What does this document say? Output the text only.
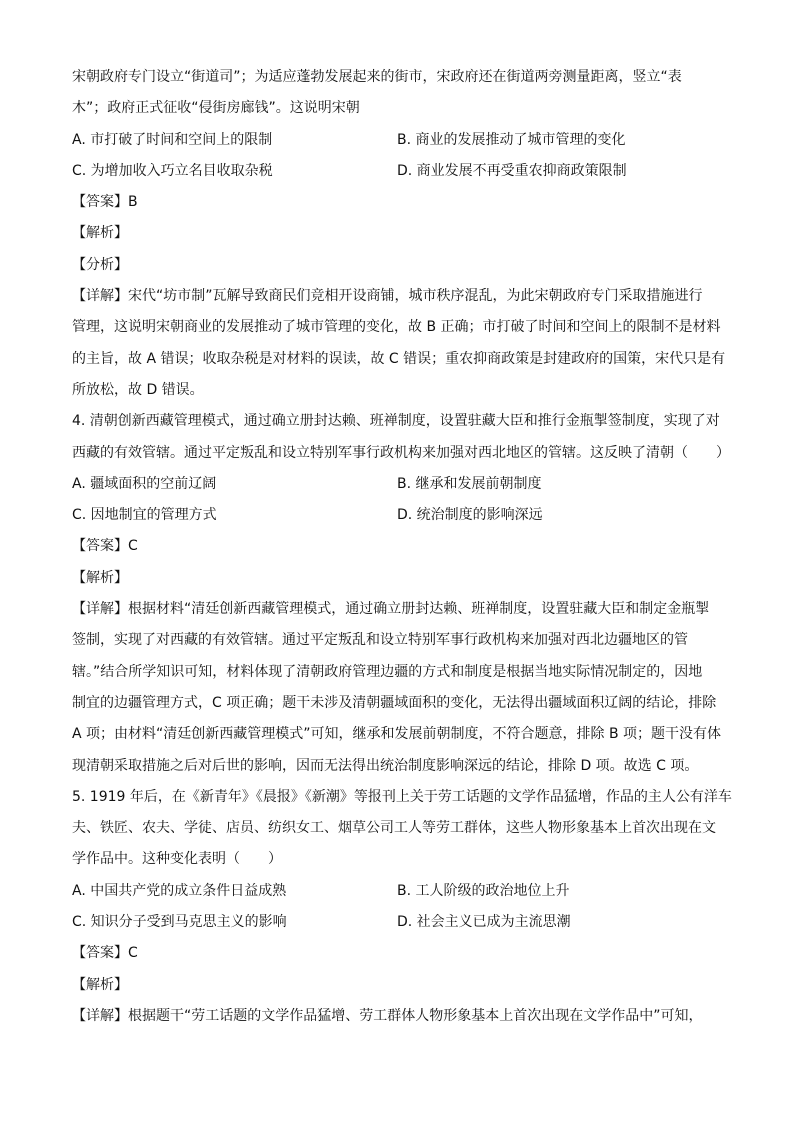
宋朝政府专门设立“街道司”；为适应蓬勃发展起来的街市，宋政府还在街道两旁测量距离，竖立“表
木”；政府正式征收“侵街房廊钱”。这说明宋朝
A. 市打破了时间和空间上的限制	B. 商业的发展推动了城市管理的变化
C. 为增加收入巧立名目收取杂税	D. 商业发展不再受重农抑商政策限制
【答案】B
【解析】
【分析】
【详解】宋代“坊市制”瓦解导致商民们竞相开设商铺，城市秩序混乱，为此宋朝政府专门采取措施进行
管理，这说明宋朝商业的发展推动了城市管理的变化，故 B 正确；市打破了时间和空间上的限制不是材料
的主旨，故 A 错误；收取杂税是对材料的误读，故 C 错误；重农抑商政策是封建政府的国策，宋代只是有
所放松，故 D 错误。
4. 清朝创新西藏管理模式，通过确立册封达赖、班禅制度，设置驻藏大臣和推行金瓶掣签制度，实现了对
西藏的有效管辖。通过平定叛乱和设立特别军事行政机构来加强对西北地区的管辖。这反映了清朝（　　）
A. 疆域面积的空前辽阔	B. 继承和发展前朝制度
C. 因地制宜的管理方式	D. 统治制度的影响深远
【答案】C
【解析】
【详解】根据材料“清廷创新西藏管理模式，通过确立册封达赖、班禅制度，设置驻藏大臣和制定金瓶掣
签制，实现了对西藏的有效管辖。通过平定叛乱和设立特别军事行政机构来加强对西北边疆地区的管
辖。”结合所学知识可知，材料体现了清朝政府管理边疆的方式和制度是根据当地实际情况制定的，因地
制宜的边疆管理方式，C 项正确；题干未涉及清朝疆域面积的变化，无法得出疆域面积辽阔的结论，排除
A 项；由材料“清廷创新西藏管理模式”可知，继承和发展前朝制度，不符合题意，排除 B 项；题干没有体
现清朝采取措施之后对后世的影响，因而无法得出统治制度影响深远的结论，排除 D 项。故选 C 项。
5. 1919 年后，在《新青年》《晨报》《新潮》等报刊上关于劳工话题的文学作品猛增，作品的主人公有洋车
夫、铁匠、农夫、学徒、店员、纺织女工、烟草公司工人等劳工群体，这些人物形象基本上首次出现在文
学作品中。这种变化表明（　　）
A. 中国共产党的成立条件日益成熟	B. 工人阶级的政治地位上升
C. 知识分子受到马克思主义的影响	D. 社会主义已成为主流思潮
【答案】C
【解析】
【详解】根据题干“劳工话题的文学作品猛增、劳工群体人物形象基本上首次出现在文学作品中”可知，
